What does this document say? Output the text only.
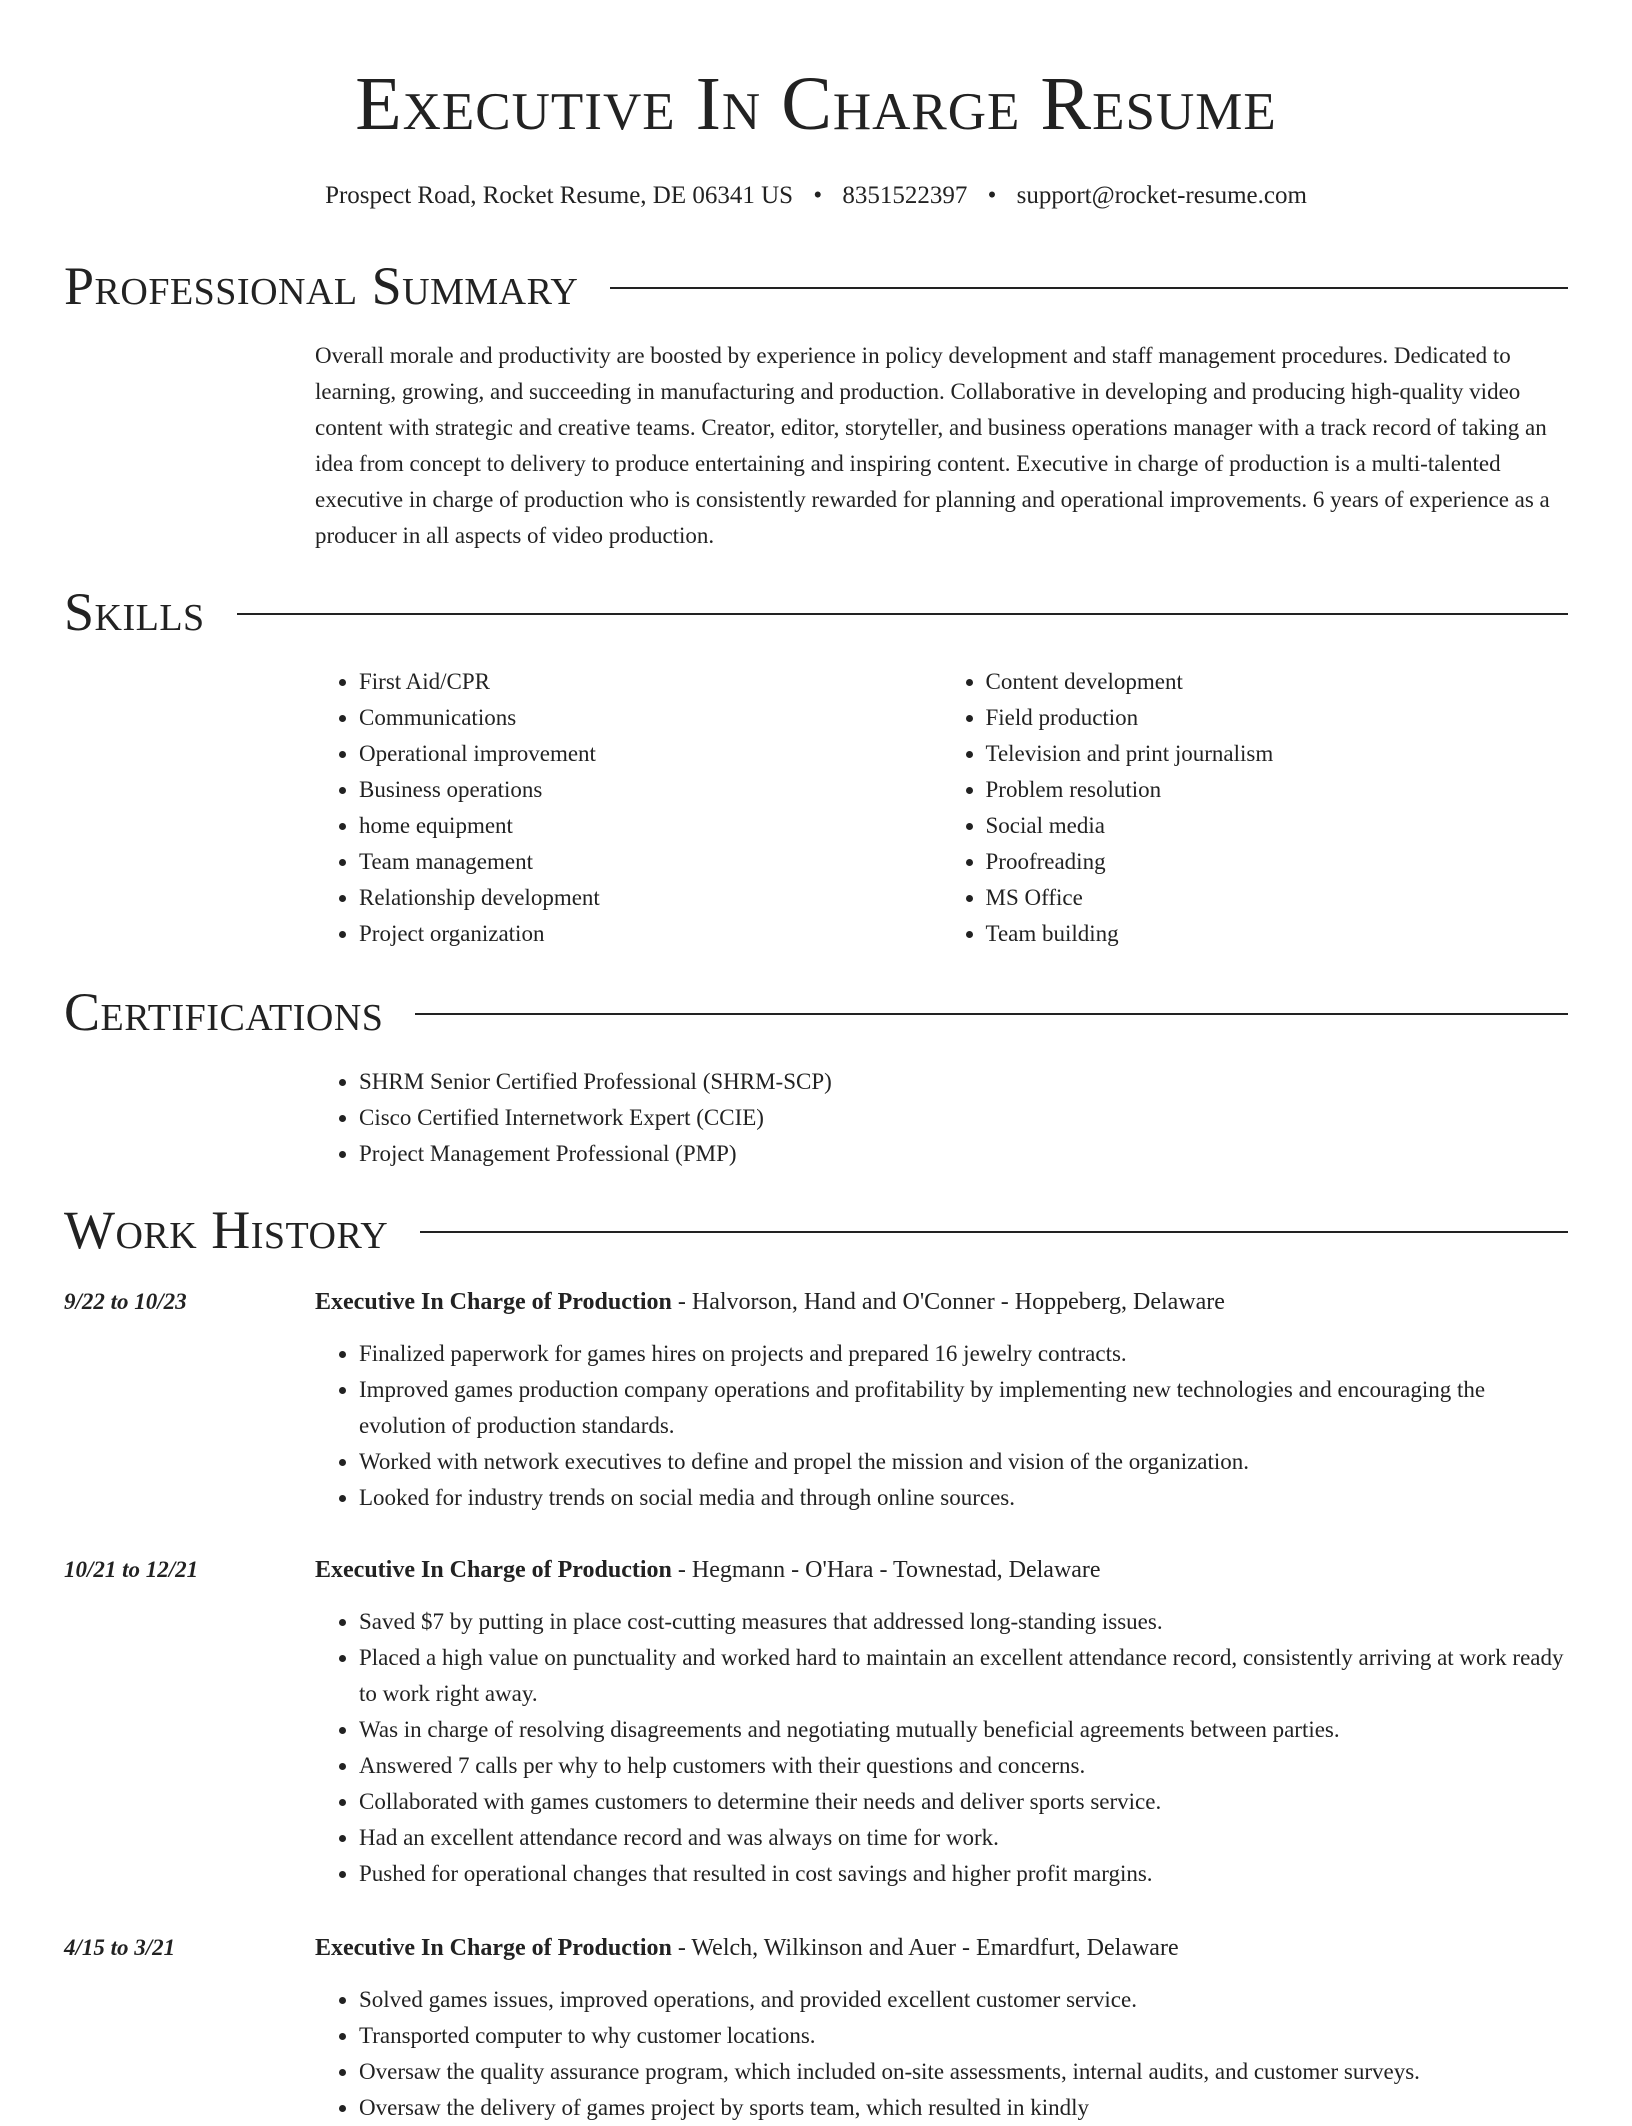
Executive In Charge Resume
Prospect Road, Rocket Resume, DE 06341 US • 8351522397 • support@rocket-resume.com
Professional Summary
Overall morale and productivity are boosted by experience in policy development and staff management procedures. Dedicated to learning, growing, and succeeding in manufacturing and production. Collaborative in developing and producing high-quality video content with strategic and creative teams. Creator, editor, storyteller, and business operations manager with a track record of taking an idea from concept to delivery to produce entertaining and inspiring content. Executive in charge of production is a multi-talented executive in charge of production who is consistently rewarded for planning and operational improvements. 6 years of experience as a producer in all aspects of video production.
Skills
• First Aid/CPR
• Communications
• Operational improvement
• Business operations
• home equipment
• Team management
• Relationship development
• Project organization
• Content development
• Field production
• Television and print journalism
• Problem resolution
• Social media
• Proofreading
• MS Office
• Team building
Certifications
• SHRM Senior Certified Professional (SHRM-SCP)
• Cisco Certified Internetwork Expert (CCIE)
• Project Management Professional (PMP)
Work History
9/22 to 10/23	Executive In Charge of Production - Halvorson, Hand and O'Conner - Hoppeberg, Delaware
• Finalized paperwork for games hires on projects and prepared 16 jewelry contracts.
• Improved games production company operations and profitability by implementing new technologies and encouraging the evolution of production standards.
• Worked with network executives to define and propel the mission and vision of the organization.
• Looked for industry trends on social media and through online sources.
10/21 to 12/21	Executive In Charge of Production - Hegmann - O'Hara - Townestad, Delaware
• Saved $7 by putting in place cost-cutting measures that addressed long-standing issues.
• Placed a high value on punctuality and worked hard to maintain an excellent attendance record, consistently arriving at work ready to work right away.
• Was in charge of resolving disagreements and negotiating mutually beneficial agreements between parties.
• Answered 7 calls per why to help customers with their questions and concerns.
• Collaborated with games customers to determine their needs and deliver sports service.
• Had an excellent attendance record and was always on time for work.
• Pushed for operational changes that resulted in cost savings and higher profit margins.
4/15 to 3/21	Executive In Charge of Production - Welch, Wilkinson and Auer - Emardfurt, Delaware
• Solved games issues, improved operations, and provided excellent customer service.
• Transported computer to why customer locations.
• Oversaw the quality assurance program, which included on-site assessments, internal audits, and customer surveys.
• Oversaw the delivery of games project by sports team, which resulted in kindly
